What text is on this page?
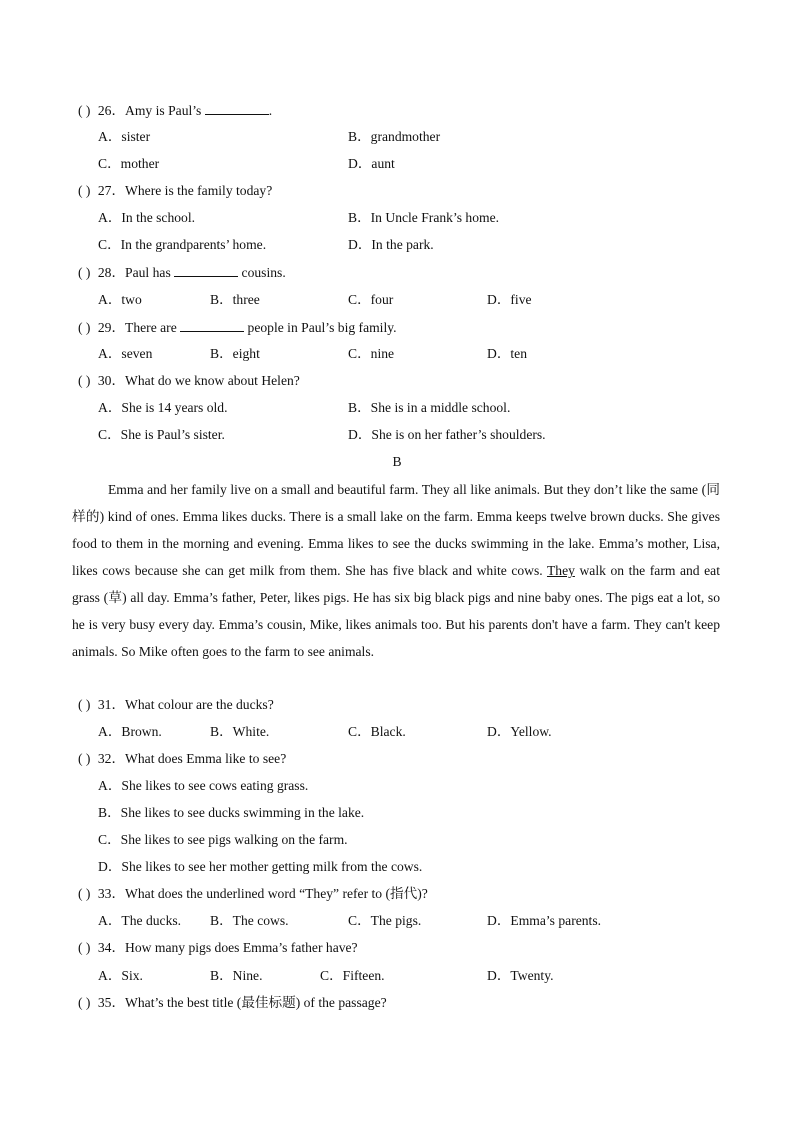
( ) 26．Amy is Paul’s	.
A．sister	B．grandmother
C．mother	D．aunt
( ) 27．Where is the family today?
A．In the school.	B．In Uncle Frank’s home.
C．In the grandparents’ home.	D．In the park.
( ) 28．Paul has	cousins.
A．two	B．three	C．four	D．five
( ) 29．There are	people in Paul’s big family.
A．seven	B．eight	C．nine	D．ten
( ) 30．What do we know about Helen?
A．She is 14 years old.	B．She is in a middle school.
C．She is Paul’s sister.	D．She is on her father’s shoulders.
B

Emma and her family live on a small and beautiful farm. They all like animals. But they don’t like the same (同样的) kind of ones. Emma likes ducks. There is a small lake on the farm. Emma keeps twelve brown ducks. She gives food to them in the morning and evening. Emma likes to see the ducks swimming in the lake. Emma’s mother, Lisa, likes cows because she can get milk from them. She has five black and white cows. They walk on the farm and eat grass (草) all day. Emma’s father, Peter, likes pigs. He has six big black pigs and nine baby ones. The pigs eat a lot, so he is very busy every day. Emma’s cousin, Mike, likes animals too. But his parents don't have a farm. They can't keep animals. So Mike often goes to the farm to see animals.

( ) 31．What colour are the ducks?
A．Brown.	B．White.	C．Black.	D．Yellow.
( ) 32．What does Emma like to see?
A．She likes to see cows eating grass.
B．She likes to see ducks swimming in the lake.
C．She likes to see pigs walking on the farm.
D．She likes to see her mother getting milk from the cows.
( ) 33．What does the underlined word “They” refer to (指代)?
A．The ducks. B．The cows.	C．The pigs.	D．Emma’s parents.
( ) 34．How many pigs does Emma’s father have?
A．Six.	B．Nine.	C．Fifteen.	D．Twenty.
( ) 35．What’s the best title (最佳标题) of the passage?
